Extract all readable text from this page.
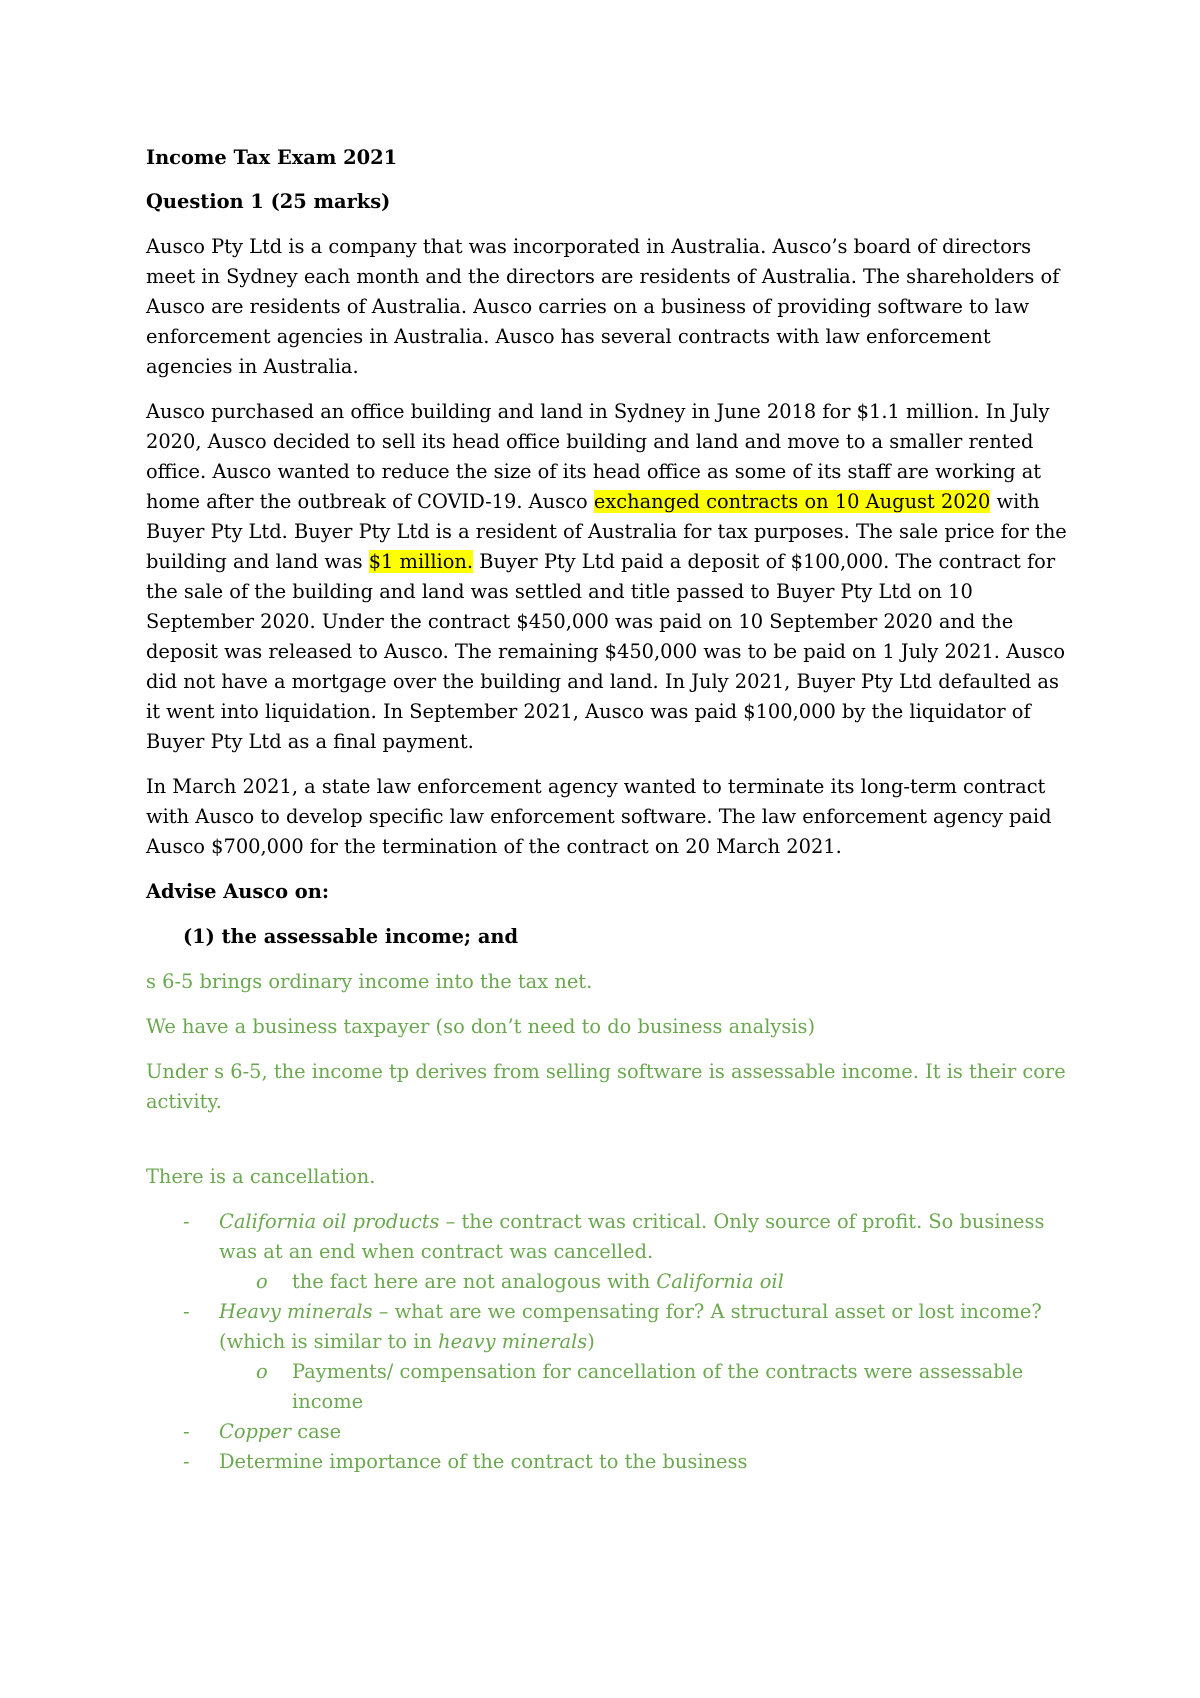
Income Tax Exam 2021

Question 1 (25 marks)

Ausco Pty Ltd is a company that was incorporated in Australia. Ausco’s board of directors meet in Sydney each month and the directors are residents of Australia. The shareholders of Ausco are residents of Australia. Ausco carries on a business of providing software to law enforcement agencies in Australia. Ausco has several contracts with law enforcement agencies in Australia.

Ausco purchased an office building and land in Sydney in June 2018 for $1.1 million. In July 2020, Ausco decided to sell its head office building and land and move to a smaller rented office. Ausco wanted to reduce the size of its head office as some of its staff are working at home after the outbreak of COVID-19. Ausco exchanged contracts on 10 August 2020 with Buyer Pty Ltd. Buyer Pty Ltd is a resident of Australia for tax purposes. The sale price for the building and land was $1 million. Buyer Pty Ltd paid a deposit of $100,000. The contract for the sale of the building and land was settled and title passed to Buyer Pty Ltd on 10 September 2020. Under the contract $450,000 was paid on 10 September 2020 and the deposit was released to Ausco. The remaining $450,000 was to be paid on 1 July 2021. Ausco did not have a mortgage over the building and land. In July 2021, Buyer Pty Ltd defaulted as it went into liquidation. In September 2021, Ausco was paid $100,000 by the liquidator of Buyer Pty Ltd as a final payment.

In March 2021, a state law enforcement agency wanted to terminate its long-term contract with Ausco to develop specific law enforcement software. The law enforcement agency paid Ausco $700,000 for the termination of the contract on 20 March 2021.

Advise Ausco on:

(1) the assessable income; and

s 6-5 brings ordinary income into the tax net.

We have a business taxpayer (so don’t need to do business analysis)

Under s 6-5, the income tp derives from selling software is assessable income. It is their core activity.

There is a cancellation.

- California oil products – the contract was critical. Only source of profit. So business was at an end when contract was cancelled.
o the fact here are not analogous with California oil
- Heavy minerals – what are we compensating for? A structural asset or lost income? (which is similar to in heavy minerals)
o Payments/ compensation for cancellation of the contracts were assessable income
- Copper case
- Determine importance of the contract to the business
